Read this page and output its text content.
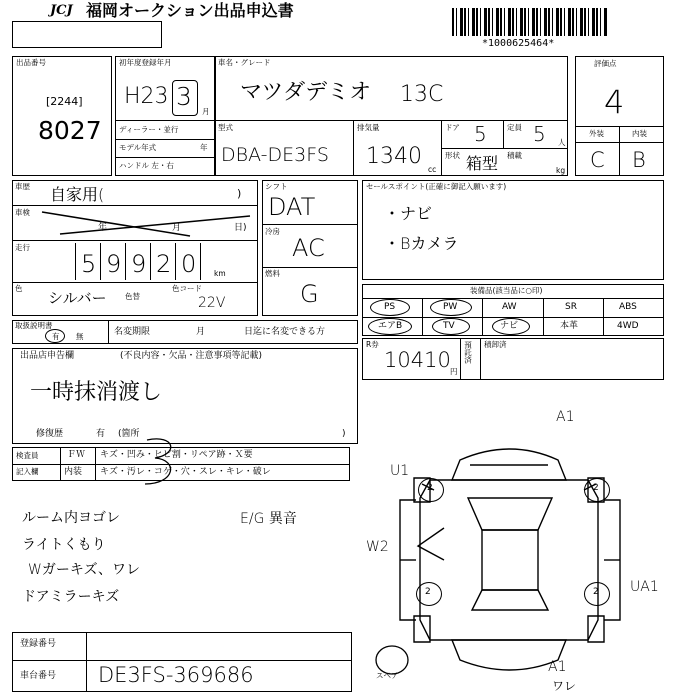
JCJ 福岡オークション出品申込書
*1000625464*
出品番号
[2244]
8027
初年度登録年月
H23 3
月
車名・グレード
マツダデミオ 13C
ディーラー・並行
モデル年式	年
ハンドル 左・右
型式
DBA-DE3FS
排気量
1340
cc
ドア 5	定員 5 人
形状 箱型 積載
kg
評価点
4
外装	内装
C B
車歴 自家用(	)
車検
年	月	日)
走行
5 9 9 2 0 km
色
シルバー 色替
色コード
22V
シフト
DAT
冷房
AC
燃料
G
セールスポイント(正確に御記入願います)
・ナビ
・Bカメラ
装備品(該当品に○印)
PS	PW	AW	SR	ABS
エアB	TV	ナビ	本革	4WD
取扱説明書
有 無	名変期限	月	日迄に名変できる方
R券
10410 円
預託済 積卸済
出品店申告欄	(不良内容・欠品・注意事項等記載)
一時抹消渡し
修復歴	有 (箇所	)
検査員
記入欄
ＦＷ キズ・凹み・ヒビ割・リペア跡・Ｘ要
内装 キズ・汚レ・コゲ・穴・スレ・キレ・破レ
ルーム内ヨゴレ	E/G 異音
ライトくもり
Wガーキズ、ワレ
ドアミラーキズ
2	2
2	2
A1
U1
W2
UA1
A1
ワレ
スペア
登録番号
車台番号 DE3FS-369686
